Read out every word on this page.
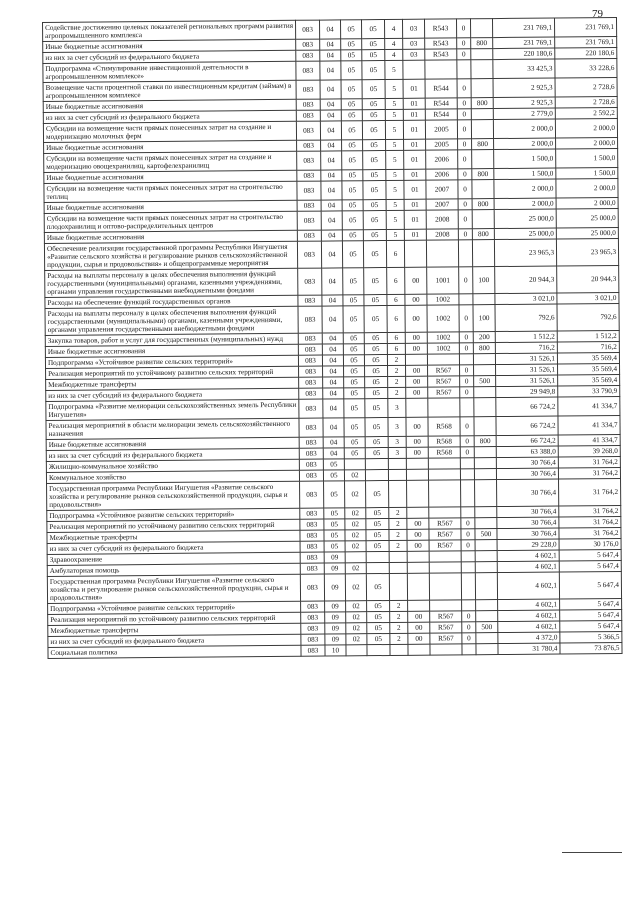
79
Содействие достижению целевых показателей региональных программ развития агропромышленного комплекса	083	04	05	05	4	03	R543	0		231 769,1	231 769,1
Иные бюджетные ассигнования	083	04	05	05	4	03	R543	0	800	231 769,1	231 769,1
из них за счет субсидий из федерального бюджета	083	04	05	05	4	03	R543	0		220 180,6	220 180,6
Подпрограмма «Стимулирование инвестиционной деятельности в агропромышленном комплексе»	083	04	05	05	5					33 425,3	33 228,6
Возмещение части процентной ставки по инвестиционным кредитам (займам) в агропромышленном комплексе	083	04	05	05	5	01	R544	0		2 925,3	2 728,6
Иные бюджетные ассигнования	083	04	05	05	5	01	R544	0	800	2 925,3	2 728,6
из них за счет субсидий из федерального бюджета	083	04	05	05	5	01	R544	0		2 779,0	2 592,2
Субсидии на возмещение части прямых понесенных затрат на создание и модернизацию молочных ферм	083	04	05	05	5	01	2005	0		2 000,0	2 000,0
Иные бюджетные ассигнования	083	04	05	05	5	01	2005	0	800	2 000,0	2 000,0
Субсидии на возмещение части прямых понесенных затрат на создание и модернизацию овощехранилищ, картофелехранилищ	083	04	05	05	5	01	2006	0		1 500,0	1 500,0
Иные бюджетные ассигнования	083	04	05	05	5	01	2006	0	800	1 500,0	1 500,0
Субсидии на возмещение части прямых понесенных затрат на строительство теплиц	083	04	05	05	5	01	2007	0		2 000,0	2 000,0
Иные бюджетные ассигнования	083	04	05	05	5	01	2007	0	800	2 000,0	2 000,0
Субсидии на возмещение части прямых понесенных затрат на строительство плодохранилищ и оптово-распределительных центров	083	04	05	05	5	01	2008	0		25 000,0	25 000,0
Иные бюджетные ассигнования	083	04	05	05	5	01	2008	0	800	25 000,0	25 000,0
Обеспечение реализации государственной программы Республики Ингушетия «Развитие сельского хозяйства и регулирование рынков сельскохозяйственной продукции, сырья и продовольствия» и общепрограммные мероприятия	083	04	05	05	6					23 965,3	23 965,3
Расходы на выплаты персоналу в целях обеспечения выполнения функций государственными (муниципальными) органами, казенными учреждениями, органами управления государственными внебюджетными фондами	083	04	05	05	6	00	1001	0	100	20 944,3	20 944,3
Расходы на обеспечение функций государственных органов	083	04	05	05	6	00	1002			3 021,0	3 021,0
Расходы на выплаты персоналу в целях обеспечения выполнения функций государственными (муниципальными) органами, казенными учреждениями, органами управления государственными внебюджетными фондами	083	04	05	05	6	00	1002	0	100	792,6	792,6
Закупка товаров, работ и услуг для государственных (муниципальных) нужд	083	04	05	05	6	00	1002	0	200	1 512,2	1 512,2
Иные бюджетные ассигнования	083	04	05	05	6	00	1002	0	800	716,2	716,2
Подпрограмма «Устойчивое развитие сельских территорий»	083	04	05	05	2					31 526,1	35 569,4
Реализация мероприятий по устойчивому развитию сельских территорий	083	04	05	05	2	00	R567	0		31 526,1	35 569,4
Межбюджетные трансферты	083	04	05	05	2	00	R567	0	500	31 526,1	35 569,4
из них за счет субсидий из федерального бюджета	083	04	05	05	2	00	R567	0		29 949,8	33 790,9
Подпрограмма «Развитие мелиорации сельскохозяйственных земель Республики Ингушетия»	083	04	05	05	3					66 724,2	41 334,7
Реализация мероприятий в области мелиорации земель сельскохозяйственного назначения	083	04	05	05	3	00	R568	0		66 724,2	41 334,7
Иные бюджетные ассигнования	083	04	05	05	3	00	R568	0	800	66 724,2	41 334,7
из них за счет субсидий из федерального бюджета	083	04	05	05	3	00	R568	0		63 388,0	39 268,0
Жилищно-коммунальное хозяйство	083	05								30 766,4	31 764,2
Коммунальное хозяйство	083	05	02							30 766,4	31 764,2
Государственная программа Республики Ингушетия «Развитие сельского хозяйства и регулирование рынков сельскохозяйственной продукции, сырья и продовольствия»	083	05	02	05						30 766,4	31 764,2
Подпрограмма «Устойчивое развитие сельских территорий»	083	05	02	05	2					30 766,4	31 764,2
Реализация мероприятий по устойчивому развитию сельских территорий	083	05	02	05	2	00	R567	0		30 766,4	31 764,2
Межбюджетные трансферты	083	05	02	05	2	00	R567	0	500	30 766,4	31 764,2
из них за счет субсидий из федерального бюджета	083	05	02	05	2	00	R567	0		29 228,0	30 176,0
Здравоохранение	083	09								4 602,1	5 647,4
Амбулаторная помощь	083	09	02							4 602,1	5 647,4
Государственная программа Республики Ингушетия «Развитие сельского хозяйства и регулирование рынков сельскохозяйственной продукции, сырья и продовольствия»	083	09	02	05						4 602,1	5 647,4
Подпрограмма «Устойчивое развитие сельских территорий»	083	09	02	05	2					4 602,1	5 647,4
Реализация мероприятий по устойчивому развитию сельских территорий	083	09	02	05	2	00	R567	0		4 602,1	5 647,4
Межбюджетные трансферты	083	09	02	05	2	00	R567	0	500	4 602,1	5 647,4
из них за счет субсидий из федерального бюджета	083	09	02	05	2	00	R567	0		4 372,0	5 366,5
Социальная политика	083	10								31 780,4	73 876,5
